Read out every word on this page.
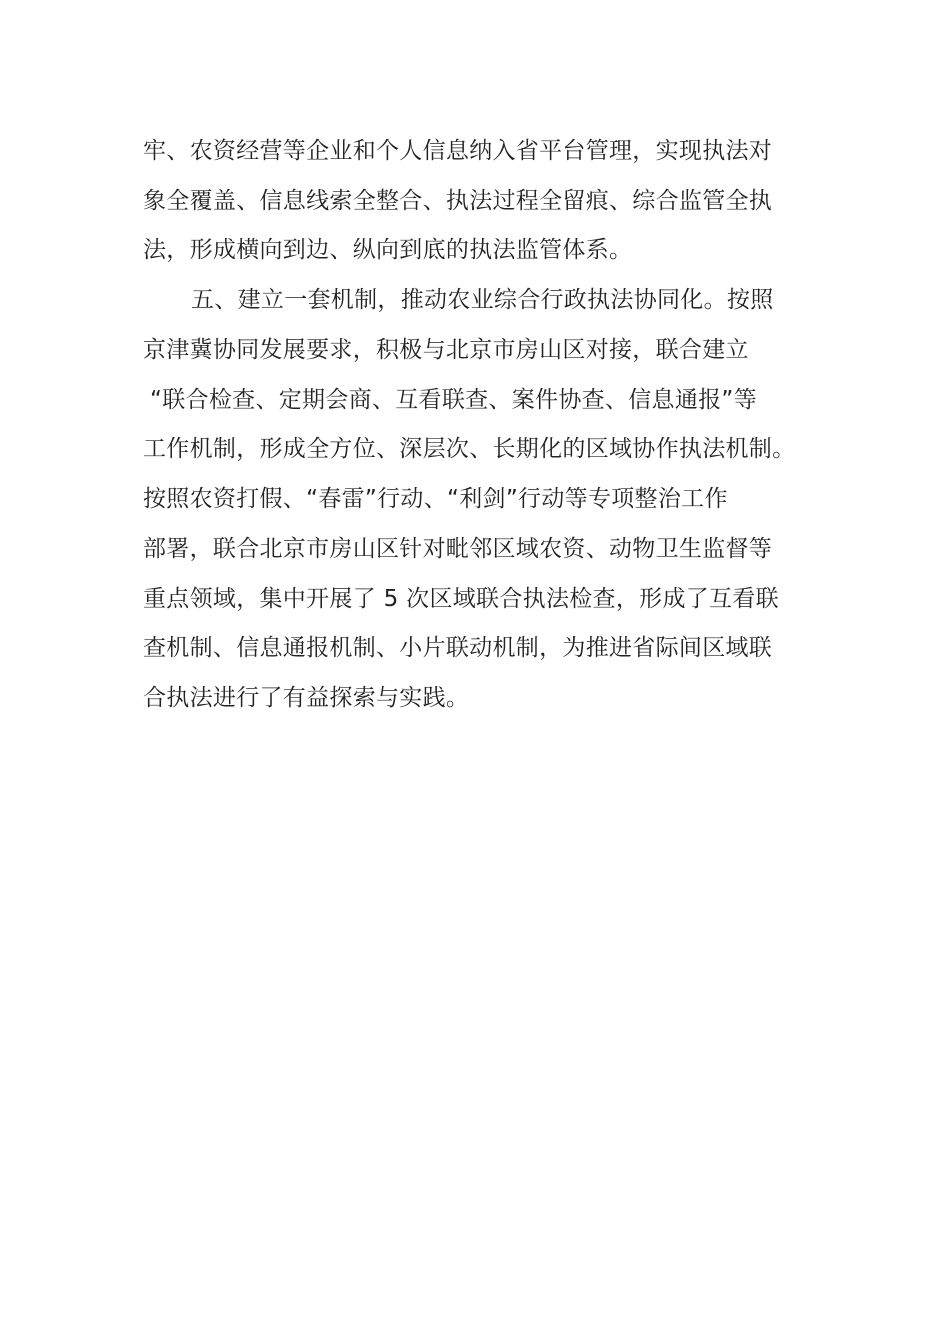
牢、农资经营等企业和个人信息纳入省平台管理，实现执法对
象全覆盖、信息线索全整合、执法过程全留痕、综合监管全执
法，形成横向到边、纵向到底的执法监管体系。
五、建立一套机制，推动农业综合行政执法协同化。按照
京津冀协同发展要求，积极与北京市房山区对接，联合建立
“联合检查、定期会商、互看联查、案件协查、信息通报”等
工作机制，形成全方位、深层次、长期化的区域协作执法机制。
按照农资打假、“春雷”行动、“利剑”行动等专项整治工作
部署，联合北京市房山区针对毗邻区域农资、动物卫生监督等
重点领域，集中开展了 5 次区域联合执法检查，形成了互看联
查机制、信息通报机制、小片联动机制，为推进省际间区域联
合执法进行了有益探索与实践。
